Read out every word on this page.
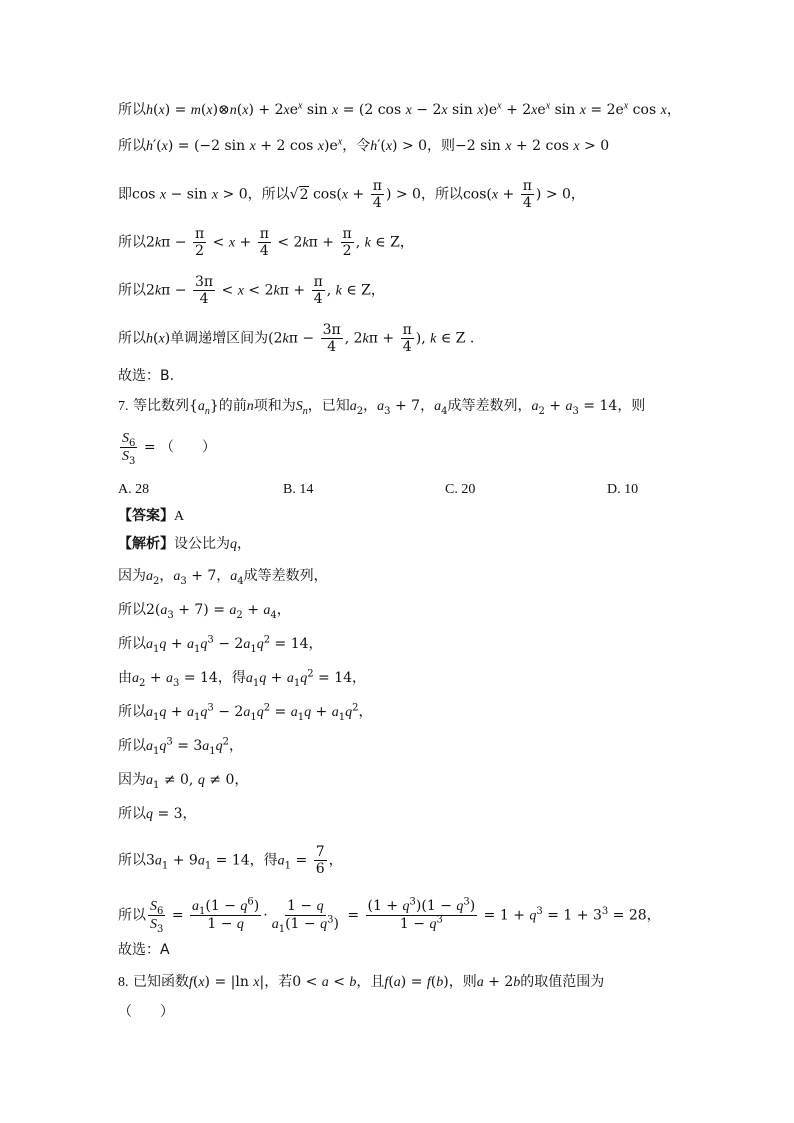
所以h(x) = m(x)⊗n(x) + $2xe^x$ sin x = (2 cos x − 2x $\sin x)e^x + 2xe^x$ $\sin x = 2e^x$ cos x，
所以h′(x) = (−2 sin x + 2 $\cos x)e^x$，令h′(x) > 0，则−2 sin x + 2 cos x > 0
即cos x − sin x > 0，所以√2 $\cos(x + \frac{\pi}{4}$ ) > 0，所以$\cos(x + \frac{\pi}{4}$ ) > 0，
所以$2k\pi - \frac{\pi}{2} < x + \frac{\pi}{4} < 2k\pi + \frac{\pi}{2}$ , k ∈ Z，
所以$2k\pi - \frac{3\pi}{4} < x < 2k\pi + \frac{\pi}{4}$ , k ∈ Z，
所以h(x)单调递增区间为($2k\pi - \frac{3\pi}{4}$ , $2k\pi + \frac{\pi}{4}$ ), k ∈ Z .
故选：B.
7. 等比数列$\{a_n\}$的前n项和为$S_n$，已知$a_2$，$a_3 + 7$，$a_4$成等差数列，$a_2 + a_3 = 14$，则
$\frac{S_6}{S_3}$ = （　　）
A. 28	B. 14	C. 20	D. 10
【答案】A
【解析】设公比为q，
因为$a_2$，$a_3 + 7$，$a_4$成等差数列，
所以$2(a_3 + 7) = a_2 + a_4$，
所以$a_1q + a_1q^3 - 2a_1q^2 = 14$，
由$a_2 + a_3 = 14$，得$a_1q + a_1q^2 = 14$，
所以$a_1q + a_1q^3 - 2a_1q^2 = a_1q + a_1q^2$，
所以$a_1q^3 = 3a_1q^2$，
因为$a_1 \ne 0$, q ≠ 0，
所以q = 3，
所以$3a_1 + 9a_1 = 14$，得$a_1 = \frac{7}{6}$ ，
所以 $\frac{S_6}{S_3} = \frac{a_1(1 - q^6)}{1 - q} \cdot \frac{1 - q}{a_1(1 - q^3)} = \frac{(1 + q^3)(1 - q^3)}{1 - q^3} = 1 + q^3 = 1 + 3^3 = 28$，
故选：A
8. 已知函数f(x) = |ln x|，若0 < a < b，且f(a) = f(b)，则a + 2b的取值范围为
（　　）
